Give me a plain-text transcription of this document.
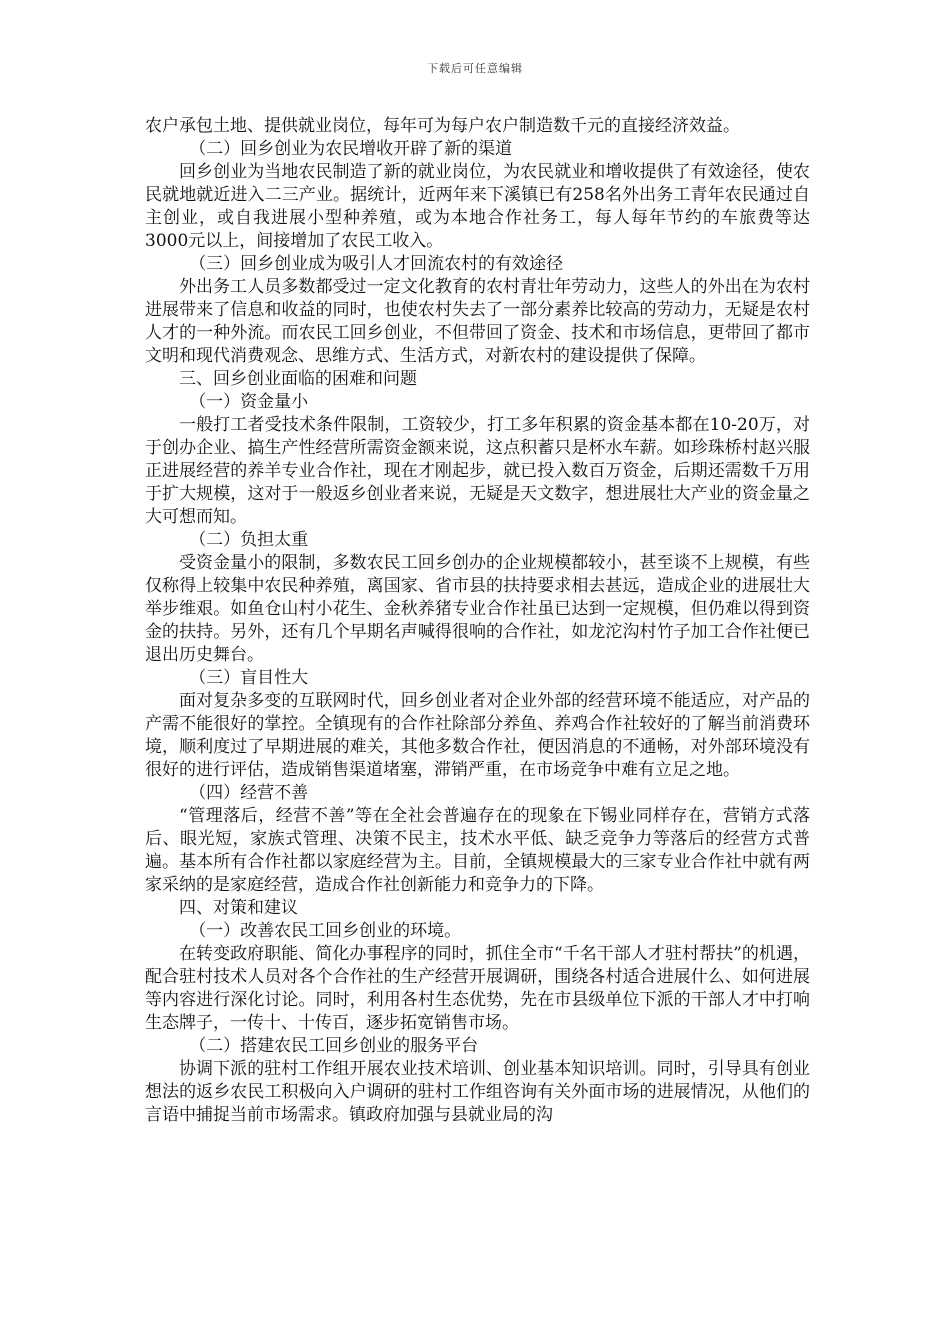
下载后可任意编辑

农户承包土地、提供就业岗位，每年可为每户农户制造数千元的直接经济效益。

（二）回乡创业为农民增收开辟了新的渠道

回乡创业为当地农民制造了新的就业岗位，为农民就业和增收提供了有效途径，使农民就地就近进入二三产业。据统计，近两年来下溪镇已有258名外出务工青年农民通过自主创业，或自我进展小型种养殖，或为本地合作社务工，每人每年节约的车旅费等达3000元以上，间接增加了农民工收入。

（三）回乡创业成为吸引人才回流农村的有效途径

外出务工人员多数都受过一定文化教育的农村青壮年劳动力，这些人的外出在为农村进展带来了信息和收益的同时，也使农村失去了一部分素养比较高的劳动力，无疑是农村人才的一种外流。而农民工回乡创业，不但带回了资金、技术和市场信息，更带回了都市文明和现代消费观念、思维方式、生活方式，对新农村的建设提供了保障。

三、回乡创业面临的困难和问题

（一）资金量小

一般打工者受技术条件限制，工资较少，打工多年积累的资金基本都在10-20万，对于创办企业、搞生产性经营所需资金额来说，这点积蓄只是杯水车薪。如珍珠桥村赵兴服正进展经营的养羊专业合作社，现在才刚起步，就已投入数百万资金，后期还需数千万用于扩大规模，这对于一般返乡创业者来说，无疑是天文数字，想进展壮大产业的资金量之大可想而知。

（二）负担太重

受资金量小的限制，多数农民工回乡创办的企业规模都较小，甚至谈不上规模，有些仅称得上较集中农民种养殖，离国家、省市县的扶持要求相去甚远，造成企业的进展壮大举步维艰。如鱼仓山村小花生、金秋养猪专业合作社虽已达到一定规模，但仍难以得到资金的扶持。另外，还有几个早期名声喊得很响的合作社，如龙沱沟村竹子加工合作社便已退出历史舞台。

（三）盲目性大

面对复杂多变的互联网时代，回乡创业者对企业外部的经营环境不能适应，对产品的产需不能很好的掌控。全镇现有的合作社除部分养鱼、养鸡合作社较好的了解当前消费环境，顺利度过了早期进展的难关，其他多数合作社，便因消息的不通畅，对外部环境没有很好的进行评估，造成销售渠道堵塞，滞销严重，在市场竞争中难有立足之地。

（四）经营不善

“管理落后，经营不善”等在全社会普遍存在的现象在下锡业同样存在，营销方式落后、眼光短，家族式管理、决策不民主，技术水平低、缺乏竞争力等落后的经营方式普遍。基本所有合作社都以家庭经营为主。目前，全镇规模最大的三家专业合作社中就有两家采纳的是家庭经营，造成合作社创新能力和竞争力的下降。

四、对策和建议

（一）改善农民工回乡创业的环境。

在转变政府职能、简化办事程序的同时，抓住全市“千名干部人才驻村帮扶”的机遇，配合驻村技术人员对各个合作社的生产经营开展调研，围绕各村适合进展什么、如何进展等内容进行深化讨论。同时，利用各村生态优势，先在市县级单位下派的干部人才中打响生态牌子，一传十、十传百，逐步拓宽销售市场。

（二）搭建农民工回乡创业的服务平台

协调下派的驻村工作组开展农业技术培训、创业基本知识培训。同时，引导具有创业想法的返乡农民工积极向入户调研的驻村工作组咨询有关外面市场的进展情况，从他们的言语中捕捉当前市场需求。镇政府加强与县就业局的沟
